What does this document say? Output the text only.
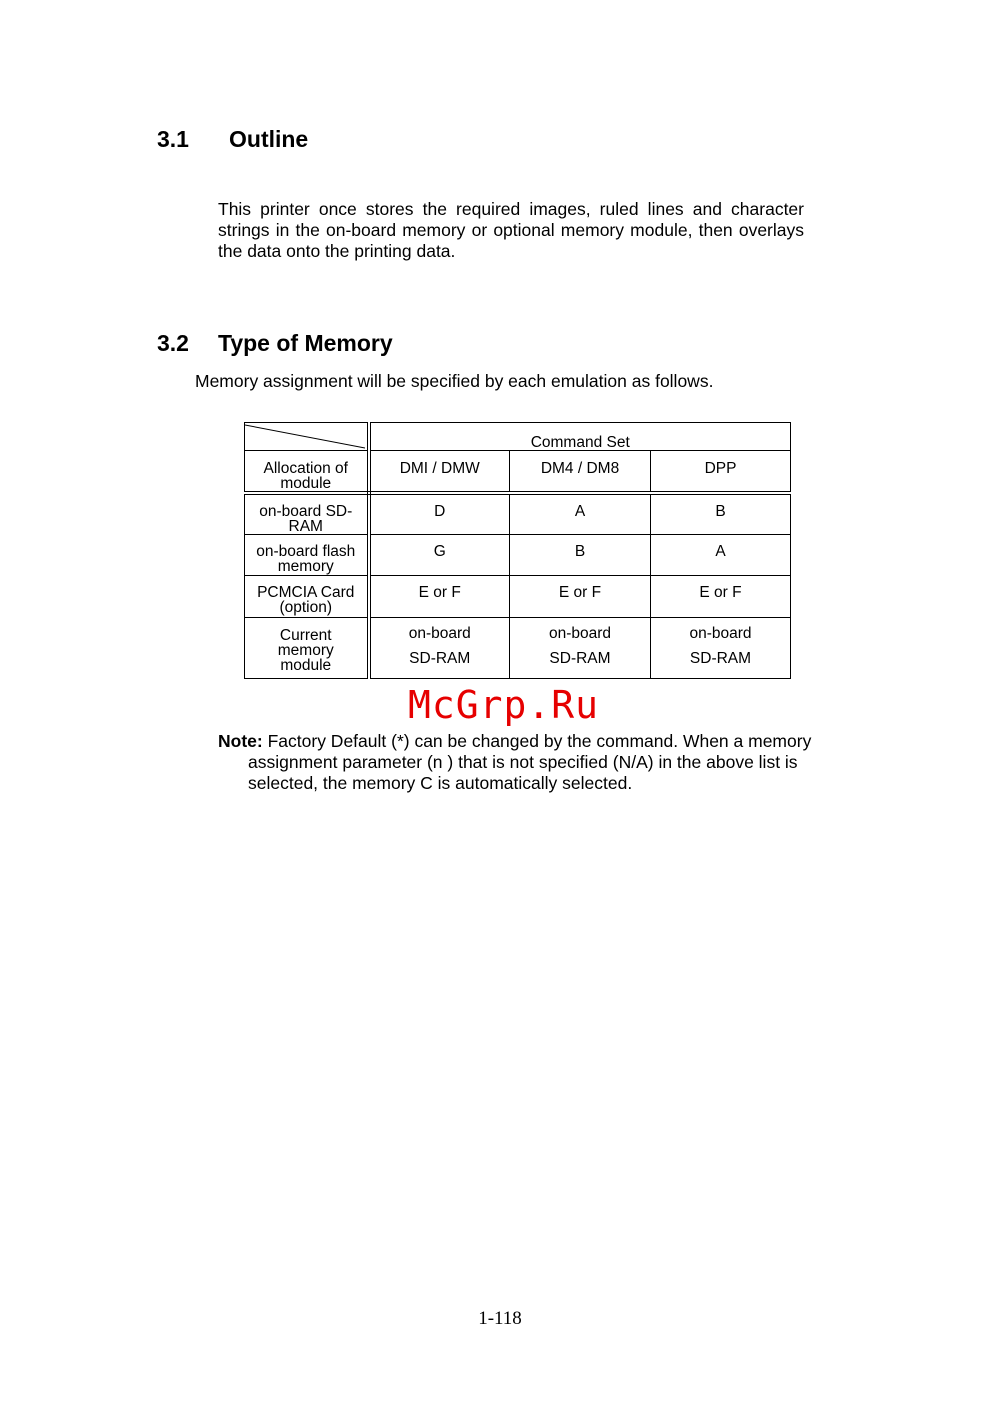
3.1 Outline
This printer once stores the required images, ruled lines and character strings in the on-board memory or optional memory module, then overlays the data onto the printing data.
3.2 Type of Memory
Memory assignment will be specified by each emulation as follows.
	Command Set		

Allocation of module	DMI / DMW	DM4 / DM8	DPP

on-board SD-RAM	D	A	B

on-board flash memory	G	B	A

PCMCIA Card (option)	E or F	E or F	E or F

Current memory module	on-board SD-RAM	on-board SD-RAM	on-board SD-RAM
McGrp.Ru
Note: Factory Default (*) can be changed by the command. When a memory
assignment parameter (n ) that is not specified (N/A) in the above list is
selected, the memory C is automatically selected.
1-118
